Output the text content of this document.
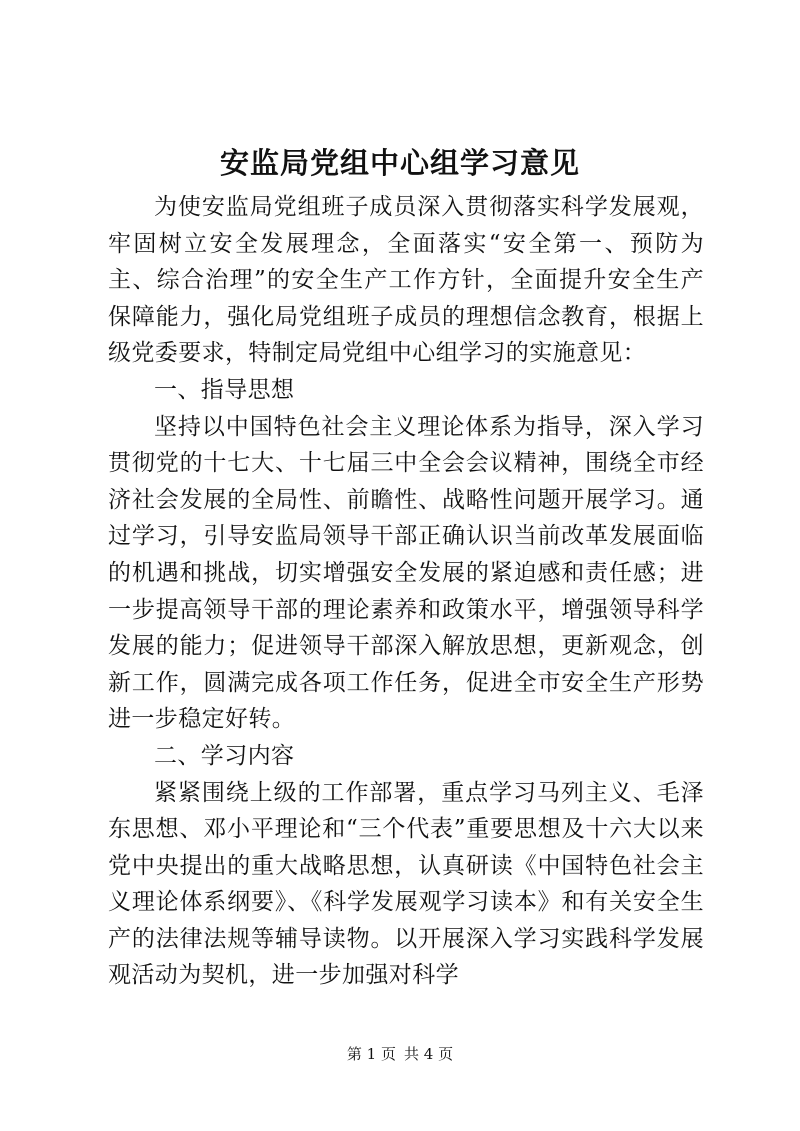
安监局党组中心组学习意见

为使安监局党组班子成员深入贯彻落实科学发展观，牢固树立安全发展理念，全面落实“安全第一、预防为主、综合治理”的安全生产工作方针，全面提升安全生产保障能力，强化局党组班子成员的理想信念教育，根据上级党委要求，特制定局党组中心组学习的实施意见：

一、指导思想

坚持以中国特色社会主义理论体系为指导，深入学习贯彻党的十七大、十七届三中全会会议精神，围绕全市经济社会发展的全局性、前瞻性、战略性问题开展学习。通过学习，引导安监局领导干部正确认识当前改革发展面临的机遇和挑战，切实增强安全发展的紧迫感和责任感；进一步提高领导干部的理论素养和政策水平，增强领导科学发展的能力；促进领导干部深入解放思想，更新观念，创新工作，圆满完成各项工作任务，促进全市安全生产形势进一步稳定好转。

二、学习内容

紧紧围绕上级的工作部署，重点学习马列主义、毛泽东思想、邓小平理论和“三个代表”重要思想及十六大以来党中央提出的重大战略思想，认真研读《中国特色社会主义理论体系纲要》、《科学发展观学习读本》和有关安全生产的法律法规等辅导读物。以开展深入学习实践科学发展观活动为契机，进一步加强对科学

第 1 页 共 4 页
